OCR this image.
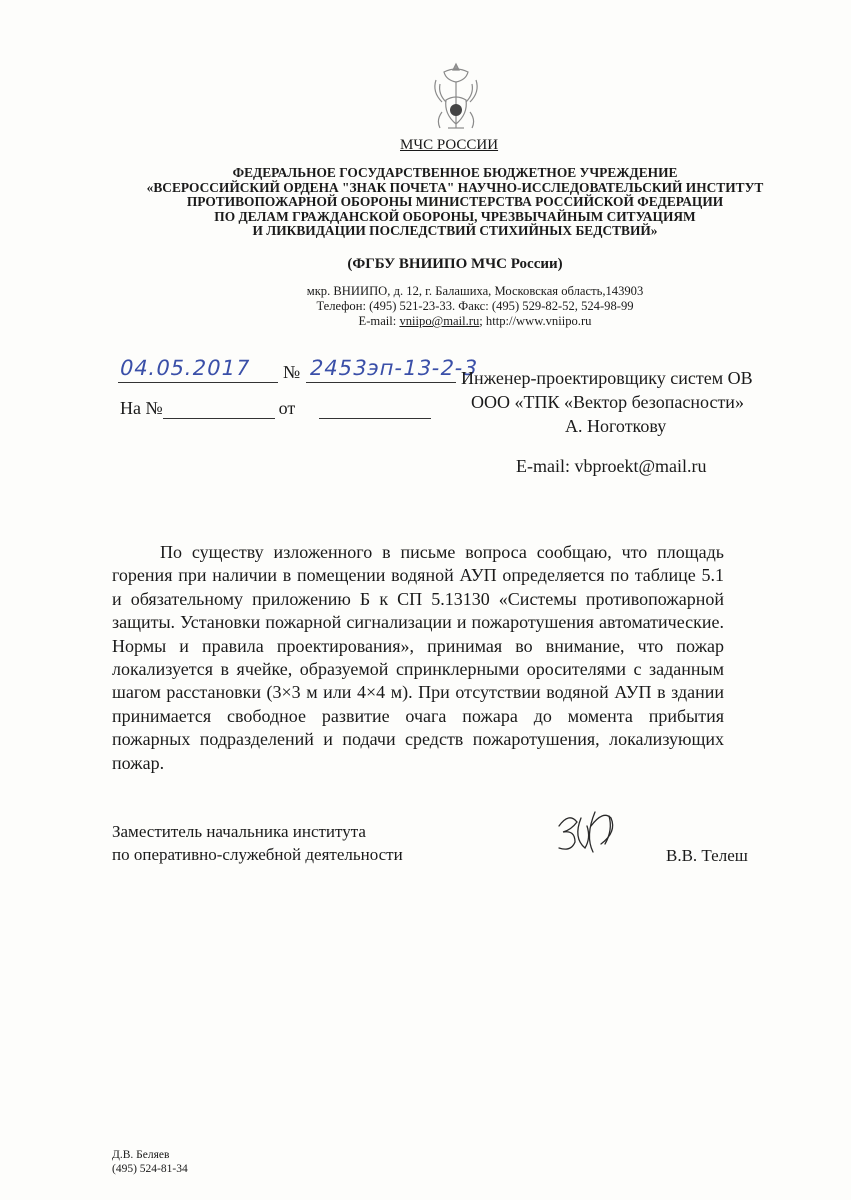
МЧС РОССИИ
ФЕДЕРАЛЬНОЕ ГОСУДАРСТВЕННОЕ БЮДЖЕТНОЕ УЧРЕЖДЕНИЕ
«ВСЕРОССИЙСКИЙ ОРДЕНА "ЗНАК ПОЧЕТА" НАУЧНО-ИССЛЕДОВАТЕЛЬСКИЙ ИНСТИТУТ
ПРОТИВОПОЖАРНОЙ ОБОРОНЫ МИНИСТЕРСТВА РОССИЙСКОЙ ФЕДЕРАЦИИ
ПО ДЕЛАМ ГРАЖДАНСКОЙ ОБОРОНЫ, ЧРЕЗВЫЧАЙНЫМ СИТУАЦИЯМ
И ЛИКВИДАЦИИ ПОСЛЕДСТВИЙ СТИХИЙНЫХ БЕДСТВИЙ»
(ФГБУ ВНИИПО МЧС России)
мкр. ВНИИПО, д. 12, г. Балашиха, Московская область,143903
Телефон: (495) 521-23-33. Факс: (495) 529-82-52, 524-98-99
E-mail: vniipo@mail.ru; http://www.vniipo.ru
04.05.2017 № 2453эп-13-2-3
На №	от
Инженер-проектировщику систем ОВ
ООО «ТПК «Вектор безопасности»
А. Ноготкову
E-mail: vbproekt@mail.ru

По существу изложенного в письме вопроса сообщаю, что площадь горения при наличии в помещении водяной АУП определяется по таблице 5.1 и обязательному приложению Б к СП 5.13130 «Системы противопожарной защиты. Установки пожарной сигнализации и пожаротушения автоматические. Нормы и правила проектирования», принимая во внимание, что пожар локализуется в ячейке, образуемой спринклерными оросителями с заданным шагом расстановки (3×3 м или 4×4 м). При отсутствии водяной АУП в здании принимается свободное развитие очага пожара до момента прибытия пожарных подразделений и подачи средств пожаротушения, локализующих пожар.

Заместитель начальника института
по оперативно-служебной деятельности	В.В. Телеш
Д.В. Беляев
(495) 524-81-34
